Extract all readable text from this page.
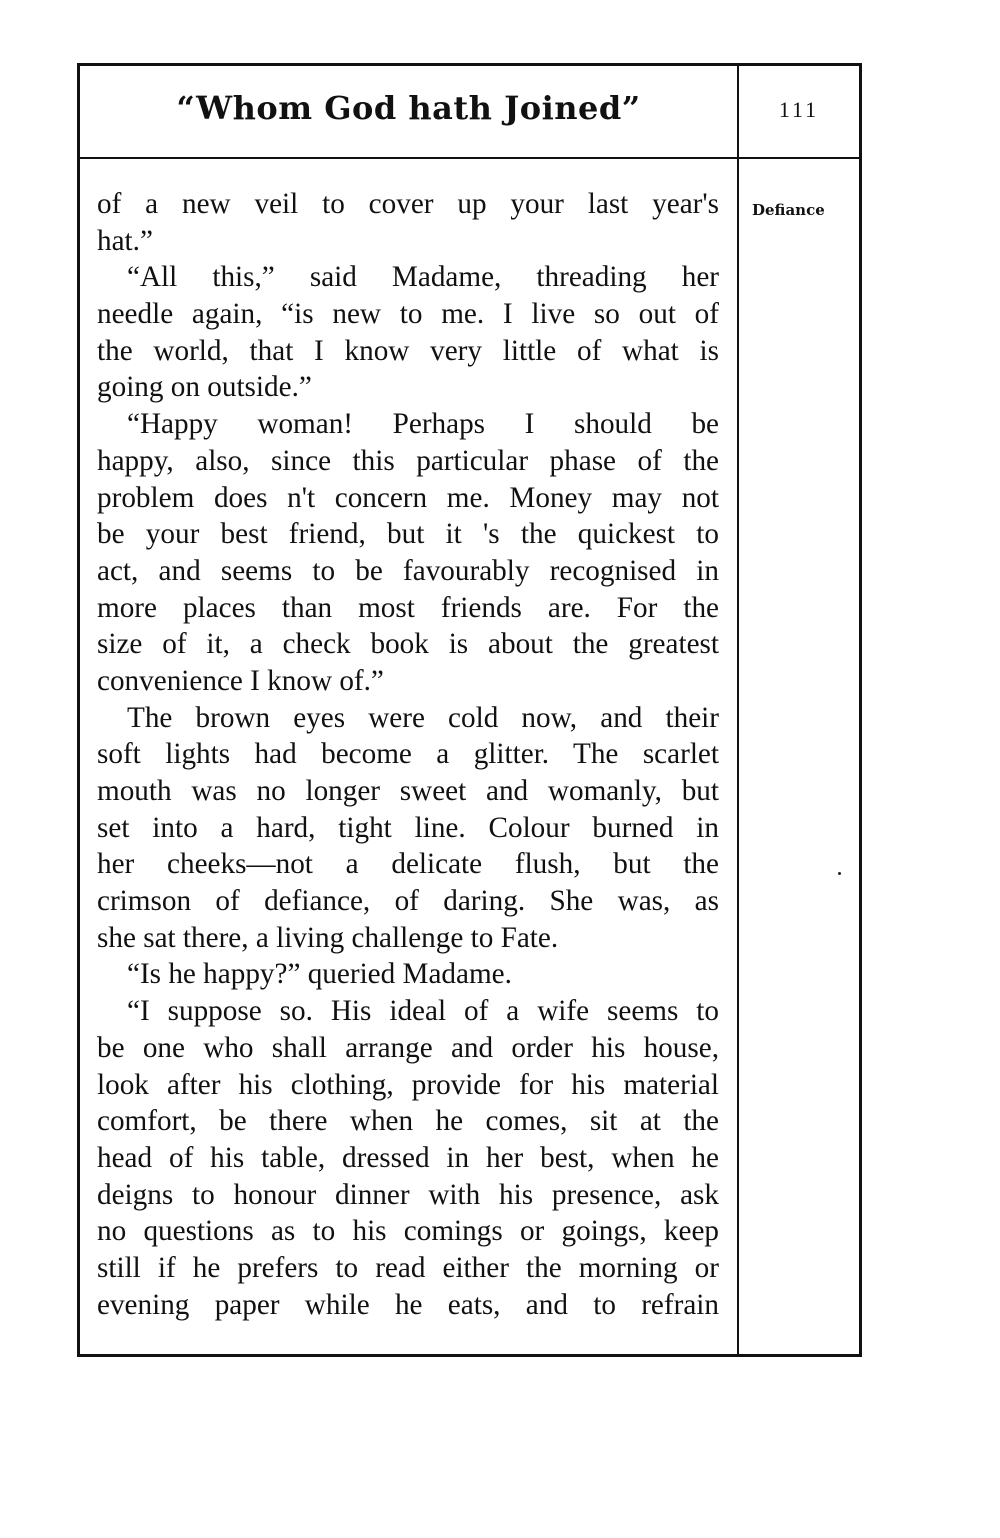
“Whom God hath Joined”	111
Defiance
of a new veil to cover up your last year's
hat.”
“All this,” said Madame, threading her
needle again, “is new to me. I live so out of
the world, that I know very little of what is
going on outside.”
“Happy woman! Perhaps I should be
happy, also, since this particular phase of the
problem does n't concern me. Money may not
be your best friend, but it 's the quickest to
act, and seems to be favourably recognised in
more places than most friends are. For the
size of it, a check book is about the greatest
convenience I know of.”
The brown eyes were cold now, and their
soft lights had become a glitter. The scarlet
mouth was no longer sweet and womanly, but
set into a hard, tight line. Colour burned in
her cheeks—not a delicate flush, but the
crimson of defiance, of daring. She was, as
she sat there, a living challenge to Fate.
“Is he happy?” queried Madame.
“I suppose so. His ideal of a wife seems to
be one who shall arrange and order his house,
look after his clothing, provide for his material
comfort, be there when he comes, sit at the
head of his table, dressed in her best, when he
deigns to honour dinner with his presence, ask
no questions as to his comings or goings, keep
still if he prefers to read either the morning or
evening paper while he eats, and to refrain
